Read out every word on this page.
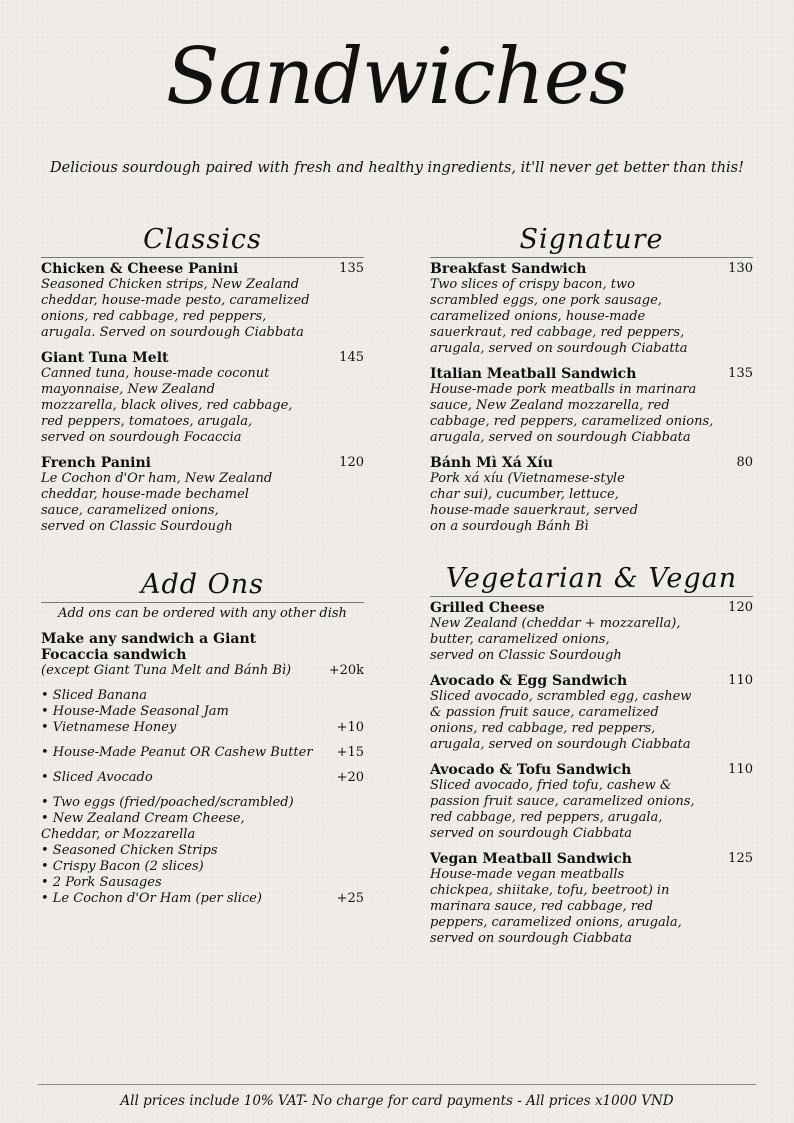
Sandwiches
Delicious sourdough paired with fresh and healthy ingredients, it'll never get better than this!
Classics
Chicken & Cheese Panini	135
Seasoned Chicken strips, New Zealand
cheddar, house-made pesto, caramelized
onions, red cabbage, red peppers,
arugala. Served on sourdough Ciabbata
Giant Tuna Melt	145
Canned tuna, house-made coconut
mayonnaise, New Zealand
mozzarella, black olives, red cabbage,
red peppers, tomatoes, arugala,
served on sourdough Focaccia
French Panini	120
Le Cochon d'Or ham, New Zealand
cheddar, house-made bechamel
sauce, caramelized onions,
served on Classic Sourdough
Signature
Breakfast Sandwich	130
Two slices of crispy bacon, two
scrambled eggs, one pork sausage,
caramelized onions, house-made
sauerkraut, red cabbage, red peppers,
arugala, served on sourdough Ciabatta
Italian Meatball Sandwich	135
House-made pork meatballs in marinara
sauce, New Zealand mozzarella, red
cabbage, red peppers, caramelized onions,
arugala, served on sourdough Ciabbata
Bánh Mì Xá Xíu	80
Pork xá xíu (Vietnamese-style
char sui), cucumber, lettuce,
house-made sauerkraut, served
on a sourdough Bánh Bì
Add Ons
Add ons can be ordered with any other dish
Make any sandwich a Giant
Focaccia sandwich
(except Giant Tuna Melt and Bánh Bì)	+20k
• Sliced Banana
• House-Made Seasonal Jam
• Vietnamese Honey	+10
• House-Made Peanut OR Cashew Butter	+15
• Sliced Avocado	+20
• Two eggs (fried/poached/scrambled)
• New Zealand Cream Cheese,
Cheddar, or Mozzarella
• Seasoned Chicken Strips
• Crispy Bacon (2 slices)
• 2 Pork Sausages
• Le Cochon d'Or Ham (per slice)	+25
Vegetarian & Vegan
Grilled Cheese	120
New Zealand (cheddar + mozzarella),
butter, caramelized onions,
served on Classic Sourdough
Avocado & Egg Sandwich	110
Sliced avocado, scrambled egg, cashew
& passion fruit sauce, caramelized
onions, red cabbage, red peppers,
arugala, served on sourdough Ciabbata
Avocado & Tofu Sandwich	110
Sliced avocado, fried tofu, cashew &
passion fruit sauce, caramelized onions,
red cabbage, red peppers, arugala,
served on sourdough Ciabbata
Vegan Meatball Sandwich	125
House-made vegan meatballs
chickpea, shiitake, tofu, beetroot) in
marinara sauce, red cabbage, red
peppers, caramelized onions, arugala,
served on sourdough Ciabbata
All prices include 10% VAT- No charge for card payments - All prices x1000 VND
